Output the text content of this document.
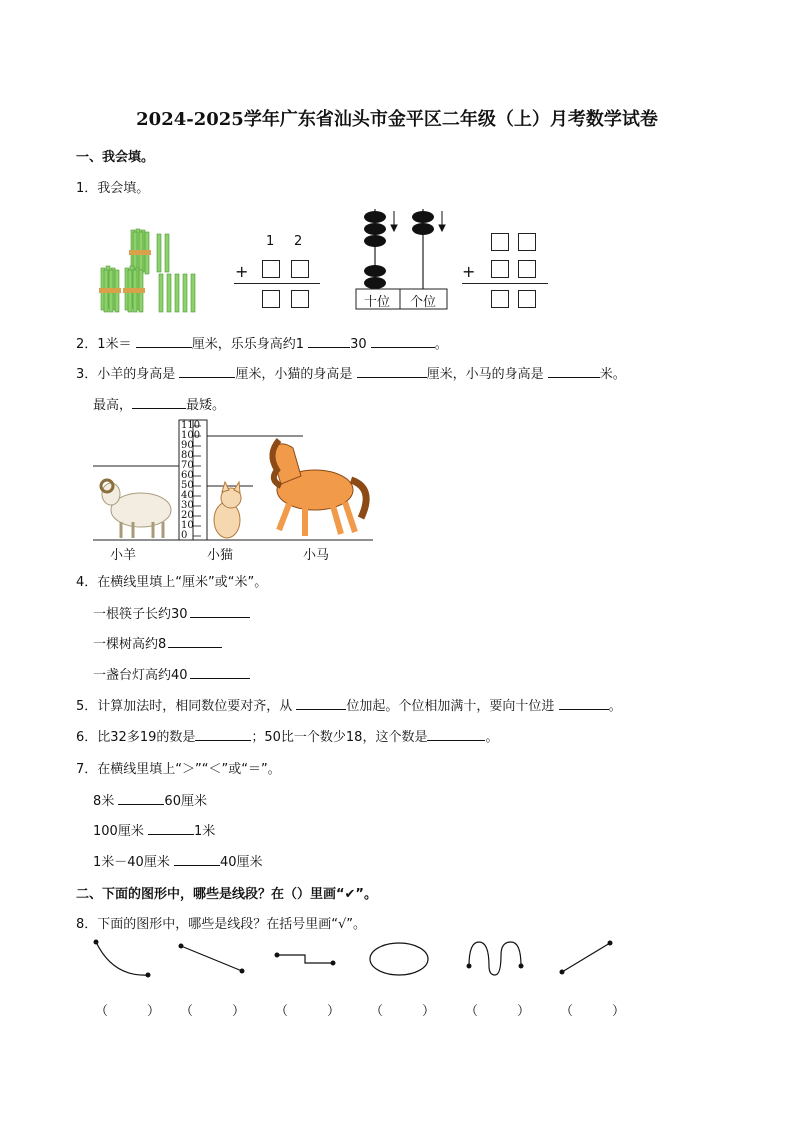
2024-2025学年广东省汕头市金平区二年级（上）月考数学试卷
一、我会填。
1．我会填。
1 2
+
十位 个位
+
2．1米＝	厘米，乐乐身高约1	30	。
3．小羊的身高是	厘米，小猫的身高是	厘米，小马的身高是	米。
最高，	最矮。
110
100
90
80
70
60
50
40
30
20
10
0
小羊	小猫	小马
4．在横线里填上“厘米”或“米”。
一根筷子长约30
一棵树高约8
一盏台灯高约40
5．计算加法时，相同数位要对齐，从	位加起。个位相加满十，要向十位进	。
6．比32多19的数是	；50比一个数少18，这个数是	。
7．在横线里填上“＞”“＜”或“＝”。
8米	60厘米
100厘米	1米
1米－40厘米	40厘米
二、下面的图形中，哪些是线段？在（）里画“✔”。
8．下面的图形中，哪些是线段？在括号里画“√”。
（	） （	） （	） （	） （	） （	）
